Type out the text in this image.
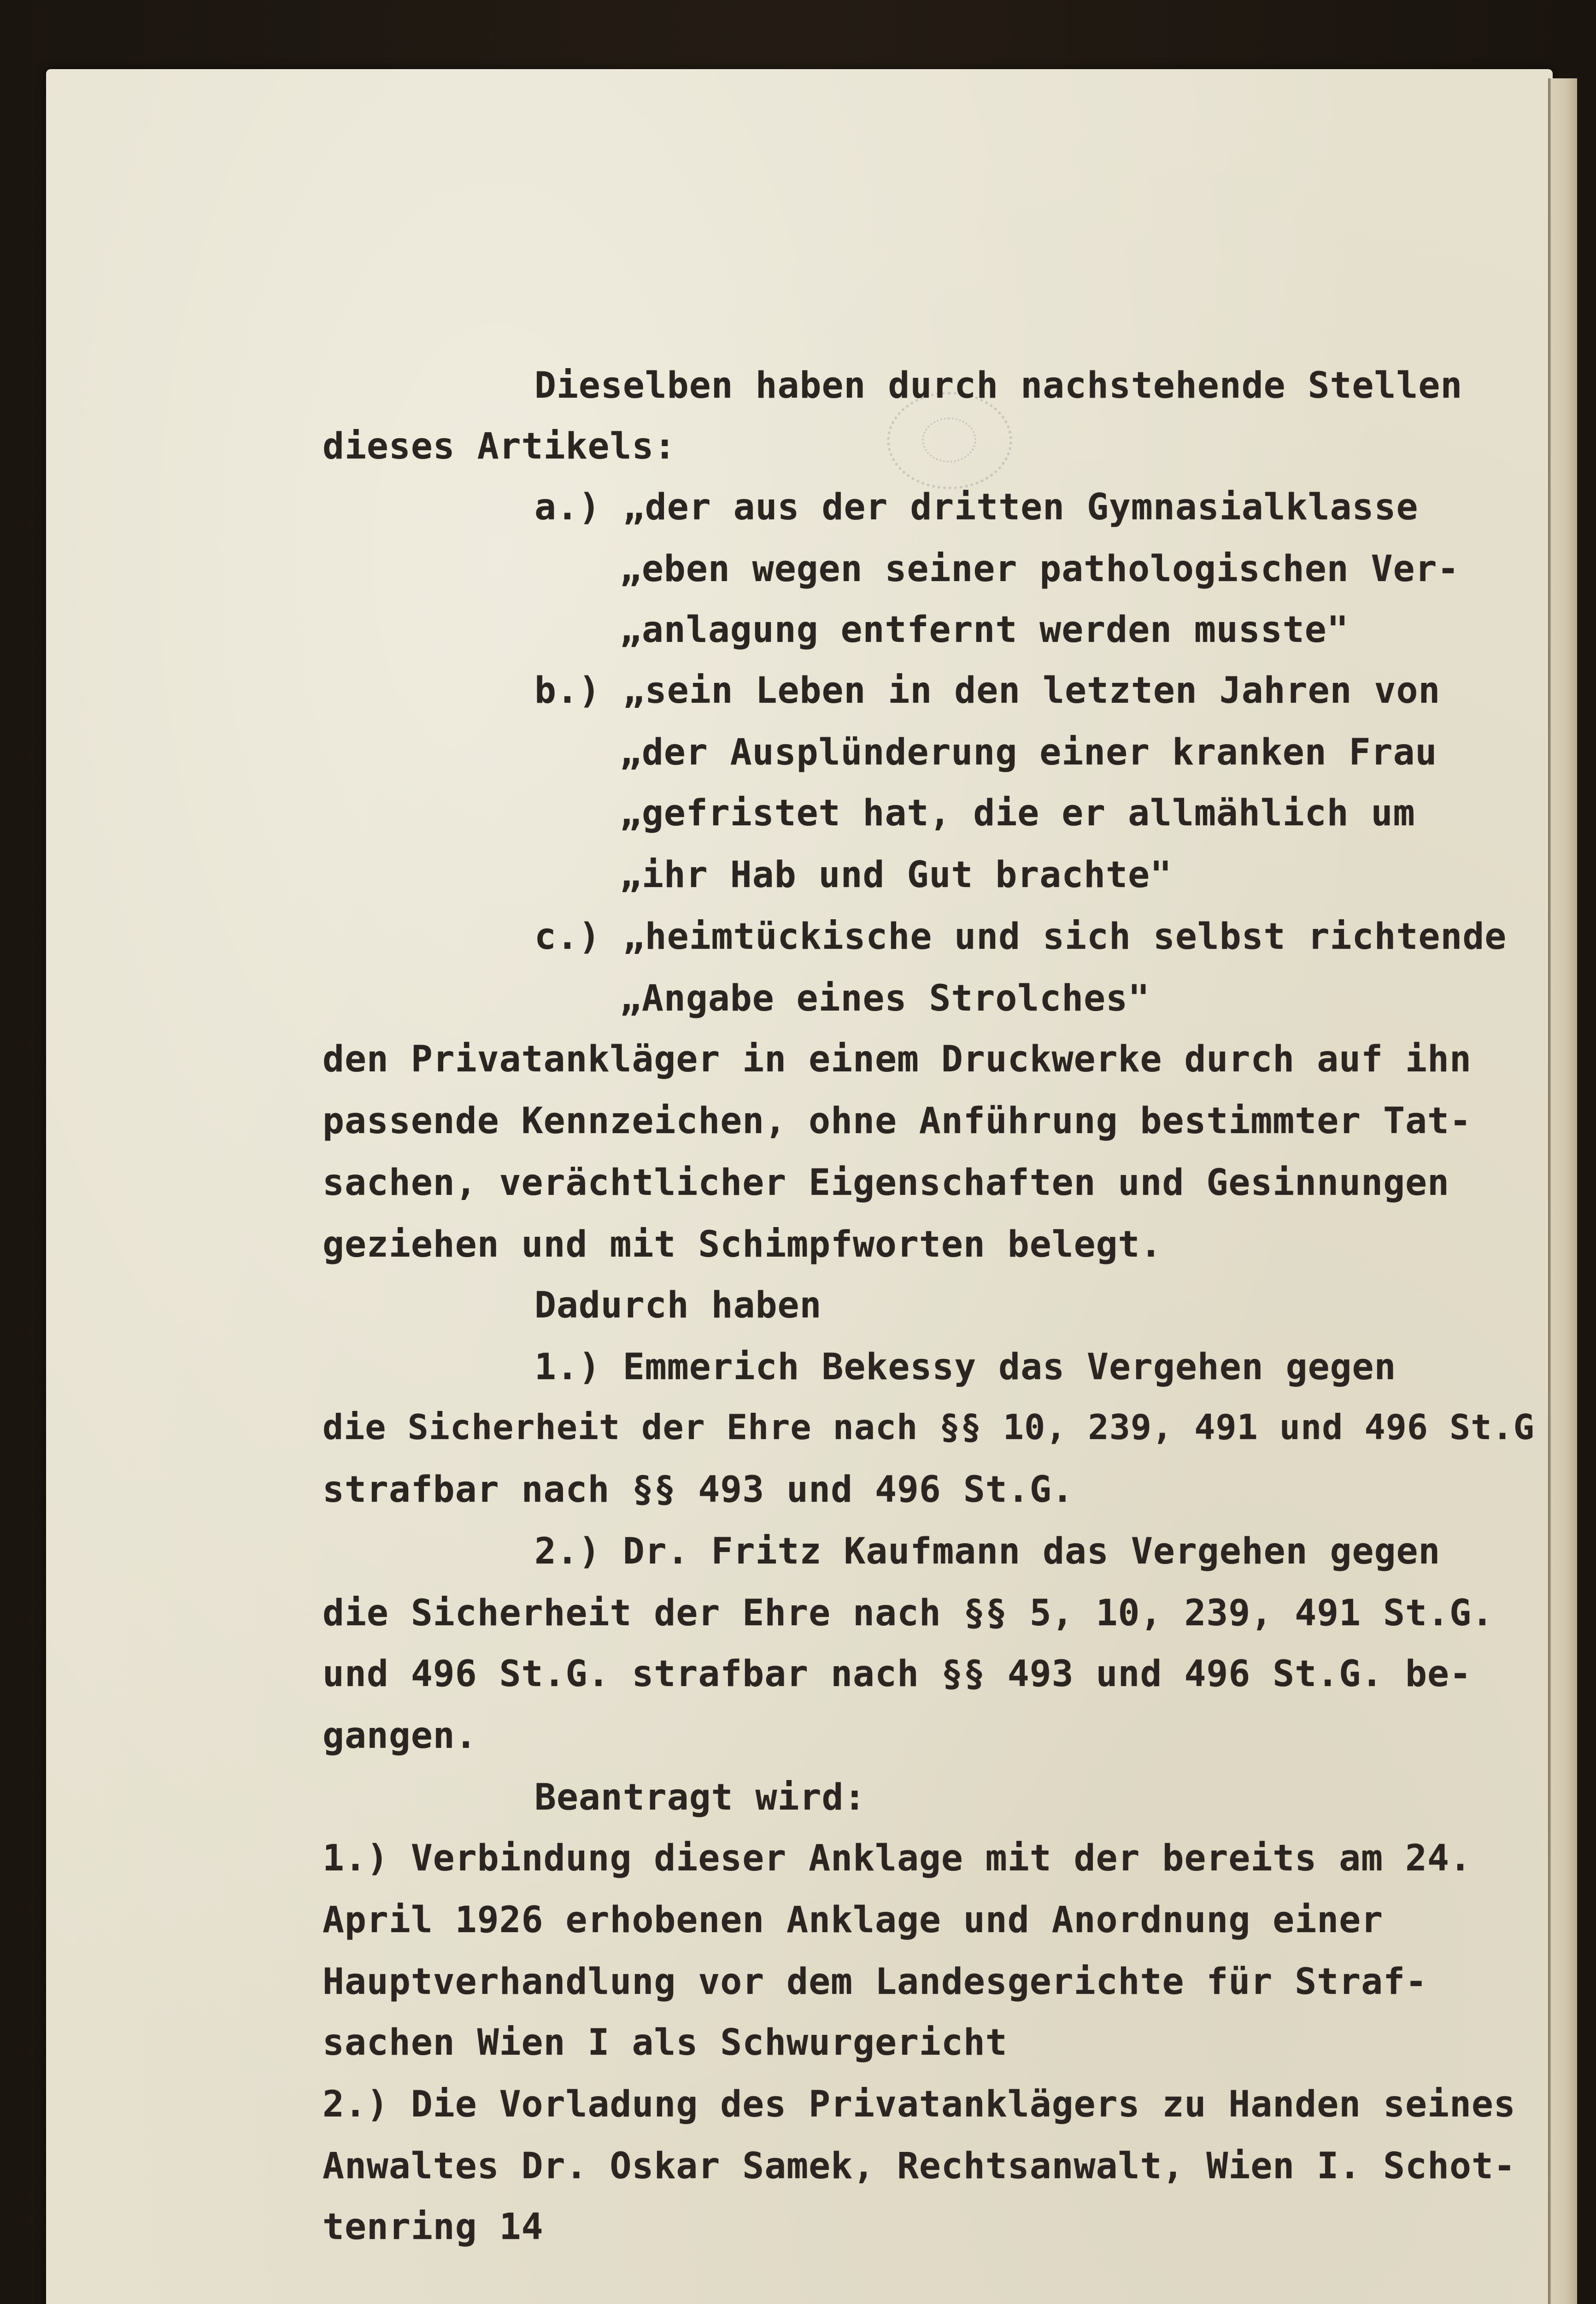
Dieselben haben durch nachstehende Stellen

dieses Artikels:

a.) „der aus der dritten Gymnasialklasse

„eben wegen seiner pathologischen Ver-

„anlagung entfernt werden musste"

b.) „sein Leben in den letzten Jahren von

„der Ausplünderung einer kranken Frau

„gefristet hat, die er allmählich um

„ihr Hab und Gut brachte"

c.) „heimtückische und sich selbst richtende

„Angabe eines Strolches"

den Privatankläger in einem Druckwerke durch auf ihn

passende Kennzeichen, ohne Anführung bestimmter Tat-

sachen, verächtlicher Eigenschaften und Gesinnungen

geziehen und mit Schimpfworten belegt.

Dadurch haben

1.) Emmerich Bekessy das Vergehen gegen

die Sicherheit der Ehre nach §§ 10, 239, 491 und 496 St.G

strafbar nach §§ 493 und 496 St.G.

2.) Dr. Fritz Kaufmann das Vergehen gegen

die Sicherheit der Ehre nach §§ 5, 10, 239, 491 St.G.

und 496 St.G. strafbar nach §§ 493 und 496 St.G. be-

gangen.

Beantragt wird:

1.) Verbindung dieser Anklage mit der bereits am 24.

April 1926 erhobenen Anklage und Anordnung einer

Hauptverhandlung vor dem Landesgerichte für Straf-

sachen Wien I als Schwurgericht

2.) Die Vorladung des Privatanklägers zu Handen seines

Anwaltes Dr. Oskar Samek, Rechtsanwalt, Wien I. Schot-

tenring 14
